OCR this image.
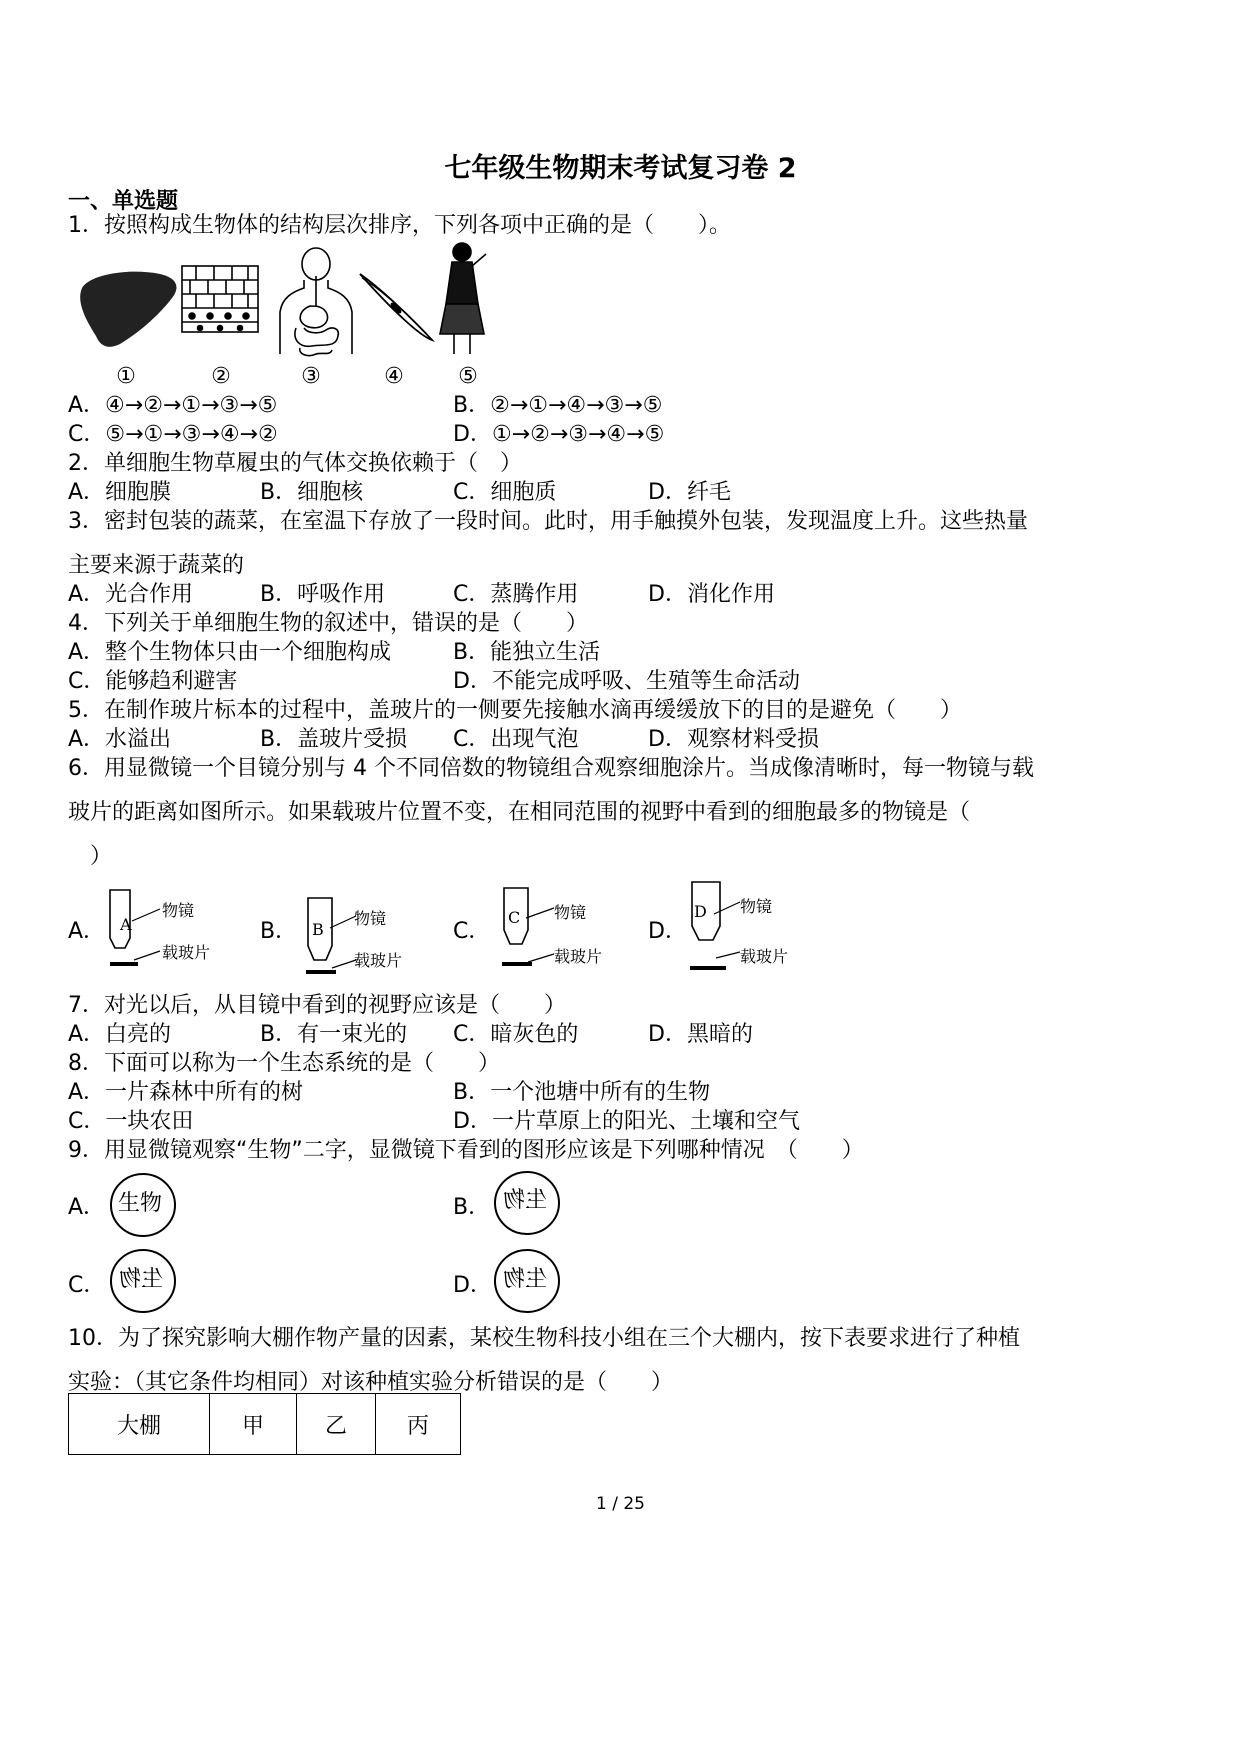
七年级生物期末考试复习卷 2
一、单选题
1．按照构成生物体的结构层次排序，下列各项中正确的是（　　）。
①	②	③	④ ⑤
A．④→②→①→③→⑤	B．②→①→④→③→⑤
C．⑤→①→③→④→②	D．①→②→③→④→⑤
2．单细胞生物草履虫的气体交换依赖于（　）
A．细胞膜	B．细胞核	C．细胞质	D．纤毛
3．密封包装的蔬菜，在室温下存放了一段时间。此时，用手触摸外包装，发现温度上升。这些热量
主要来源于蔬菜的
A．光合作用	B．呼吸作用	C．蒸腾作用	D．消化作用
4．下列关于单细胞生物的叙述中，错误的是（　　）
A．整个生物体只由一个细胞构成	B．能独立生活
C．能够趋利避害	D．不能完成呼吸、生殖等生命活动
5．在制作玻片标本的过程中，盖玻片的一侧要先接触水滴再缓缓放下的目的是避免（　　）
A．水溢出	B．盖玻片受损 C．出现气泡	D．观察材料受损
6．用显微镜一个目镜分别与 4 个不同倍数的物镜组合观察细胞涂片。当成像清晰时，每一物镜与载
玻片的距离如图所示。如果载玻片位置不变，在相同范围的视野中看到的细胞最多的物镜是（
　）
A．	B．	C．	D．
A
物镜
载玻片
B
物镜
载玻片
C 物镜
载玻片
D 物镜
载玻片
7．对光以后，从目镜中看到的视野应该是（　　）
A．白亮的	B．有一束光的 C．暗灰色的	D．黑暗的
8．下面可以称为一个生态系统的是（　　）
A．一片森林中所有的树	B．一个池塘中所有的生物
C．一块农田	D．一片草原上的阳光、土壤和空气
9．用显微镜观察“生物”二字，显微镜下看到的图形应该是下列哪种情况　（　　）
A．	B．
C．	D．
生物	生物
生物	生物
10．为了探究影响大棚作物产量的因素，某校生物科技小组在三个大棚内，按下表要求进行了种植
实验：（其它条件均相同）对该种植实验分析错误的是（　　）
大棚	甲	乙	丙
1 / 25
